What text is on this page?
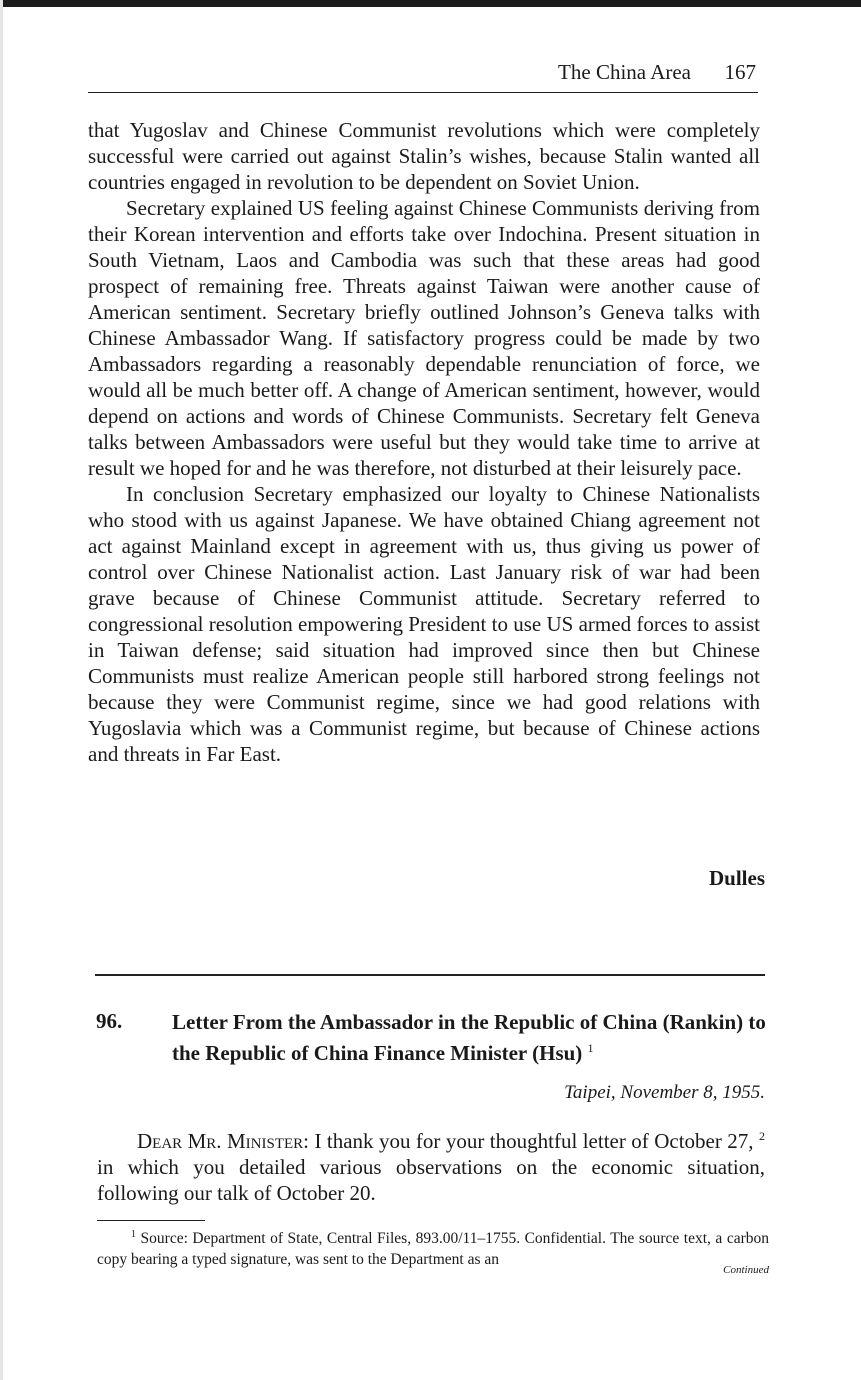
The China Area 167

that Yugoslav and Chinese Communist revolutions which were completely successful were carried out against Stalin’s wishes, because Stalin wanted all countries engaged in revolution to be dependent on Soviet Union.

Secretary explained US feeling against Chinese Communists deriving from their Korean intervention and efforts take over Indochina. Present situation in South Vietnam, Laos and Cambodia was such that these areas had good prospect of remaining free. Threats against Taiwan were another cause of American sentiment. Secretary briefly outlined Johnson’s Geneva talks with Chinese Ambassador Wang. If satisfactory progress could be made by two Ambassadors regarding a reasonably dependable renunciation of force, we would all be much better off. A change of American sentiment, however, would depend on actions and words of Chinese Communists. Secretary felt Geneva talks between Ambassadors were useful but they would take time to arrive at result we hoped for and he was therefore, not disturbed at their leisurely pace.

In conclusion Secretary emphasized our loyalty to Chinese Nationalists who stood with us against Japanese. We have obtained Chiang agreement not act against Mainland except in agreement with us, thus giving us power of control over Chinese Nationalist action. Last January risk of war had been grave because of Chinese Communist attitude. Secretary referred to congressional resolution empowering President to use US armed forces to assist in Taiwan defense; said situation had improved since then but Chinese Communists must realize American people still harbored strong feelings not because they were Communist regime, since we had good relations with Yugoslavia which was a Communist regime, but because of Chinese actions and threats in Far East.

Dulles
96. Letter From the Ambassador in the Republic of China (Rankin) to the Republic of China Finance Minister (Hsu) $^1$
Taipei, November 8, 1955.
Dear Mr. Minister: I thank you for your thoughtful letter of October 27, $^2$ in which you detailed various observations on the economic situation, following our talk of October 20.
$^1$ Source: Department of State, Central Files, 893.00/11–1755. Confidential. The source text, a carbon copy bearing a typed signature, was sent to the Department as an
Continued
